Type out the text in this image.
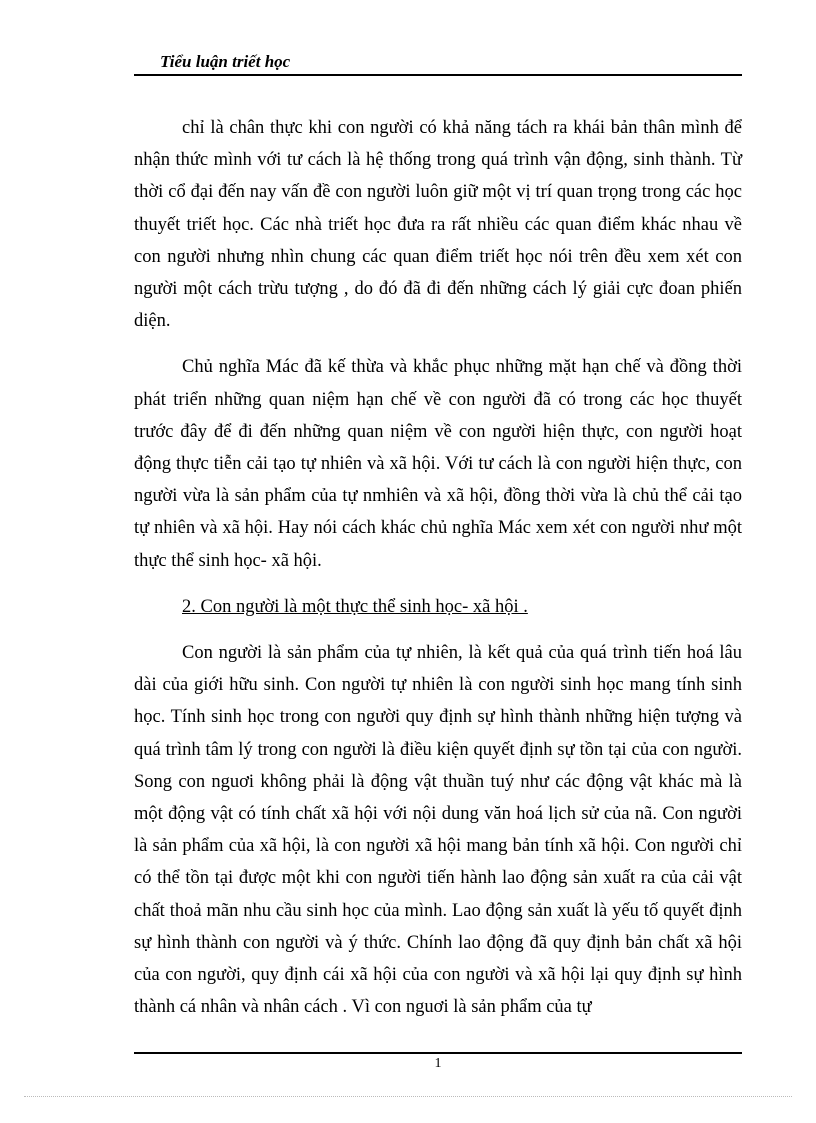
Tiểu luận triết học

chỉ là chân thực khi con người có khả năng tách ra khái bản thân mình để nhận thức mình với tư cách là hệ thống trong quá trình vận động, sinh thành. Từ thời cổ đại đến nay vấn đề con người luôn giữ một vị trí quan trọng trong các học thuyết triết học. Các nhà triết học đưa ra rất nhiều các quan điểm khác nhau về con người nhưng nhìn chung các quan điểm triết học nói trên đều xem xét con người một cách trừu tượng , do đó đã đi đến những cách lý giải cực đoan phiến diện.

Chủ nghĩa Mác đã kế thừa và khắc phục những mặt hạn chế và đồng thời phát triển những quan niệm hạn chế về con người đã có trong các học thuyết trước đây để đi đến những quan niệm về con người hiện thực, con người hoạt động thực tiễn cải tạo tự nhiên và xã hội. Với tư cách là con người hiện thực, con người vừa là sản phẩm của tự nmhiên và xã hội, đồng thời vừa là chủ thể cải tạo tự nhiên và xã hội. Hay nói cách khác chủ nghĩa Mác xem xét con người như một thực thể sinh học- xã hội.

2. Con người là một thực thể sinh học- xã hội .

Con người là sản phẩm của tự nhiên, là kết quả của quá trình tiến hoá lâu dài của giới hữu sinh. Con người tự nhiên là con người sinh học mang tính sinh học. Tính sinh học trong con người quy định sự hình thành những hiện tượng và quá trình tâm lý trong con người là điều kiện quyết định sự tồn tại của con người. Song con nguơi không phải là động vật thuần tuý như các động vật khác mà là một động vật có tính chất xã hội với nội dung văn hoá lịch sử của nã. Con người là sản phẩm của xã hội, là con người xã hội mang bản tính xã hội. Con người chỉ có thể tồn tại được một khi con người tiến hành lao động sản xuất ra của cải vật chất thoả mãn nhu cầu sinh học của mình. Lao động sản xuất là yếu tố quyết định sự hình thành con người và ý thức. Chính lao động đã quy định bản chất xã hội của con người, quy định cái xã hội của con người và xã hội lại quy định sự hình thành cá nhân và nhân cách . Vì con nguơi là sản phẩm của tự

1
